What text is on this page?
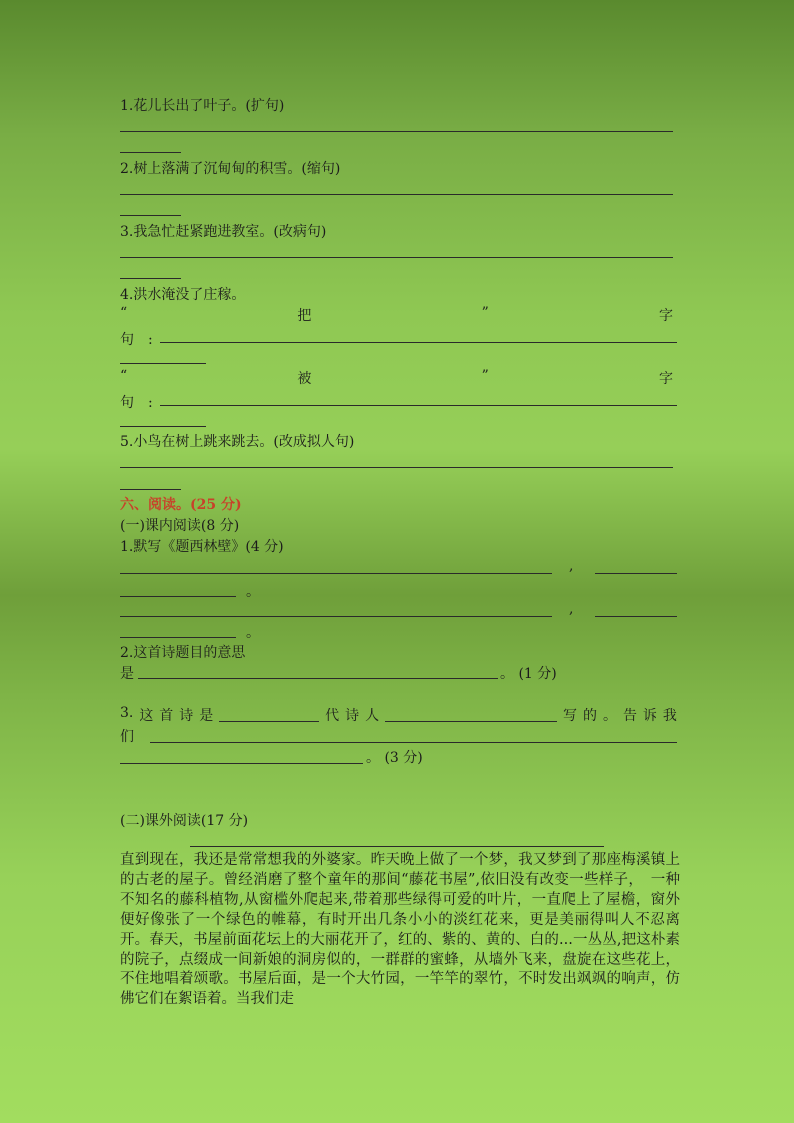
1.花儿长出了叶子。(扩句)
2.树上落满了沉甸甸的积雪。(缩句)
3.我急忙赶紧跑进教室。(改病句)
4.洪水淹没了庄稼。
“	把	”	字
句 :
“	被	”	字
句 :
5.小鸟在树上跳来跳去。(改成拟人句)
六、阅读。(25 分)
(一)课内阅读(8 分)
1.默写《题西林壁》(4 分)
,
。
,
。
2.这首诗题目的意思
是	。 (1 分)
3. 这 首 诗 是	代 诗 人	写 的 。 告 诉 我
们
。 (3 分)
(二)课外阅读(17 分)
直到现在，我还是常常想我的外婆家。昨天晚上做了一个梦，我又梦到了那座梅溪镇上的古老的屋子。曾经消磨了整个童年的那间“藤花书屋”,依旧没有改变一些样子，　一种不知名的藤科植物,从窗槛外爬起来,带着那些绿得可爱的叶片，一直爬上了屋檐，窗外便好像张了一个绿色的帷幕，有时开出几条小小的淡红花来，更是美丽得叫人不忍离开。春天，书屋前面花坛上的大丽花开了，红的、紫的、黄的、白的...一丛丛,把这朴素的院子，点缀成一间新娘的洞房似的，一群群的蜜蜂，从墙外飞来，盘旋在这些花上，不住地唱着颂歌。书屋后面，是一个大竹园，一竿竿的翠竹，不时发出飒飒的响声，仿佛它们在絮语着。当我们走
